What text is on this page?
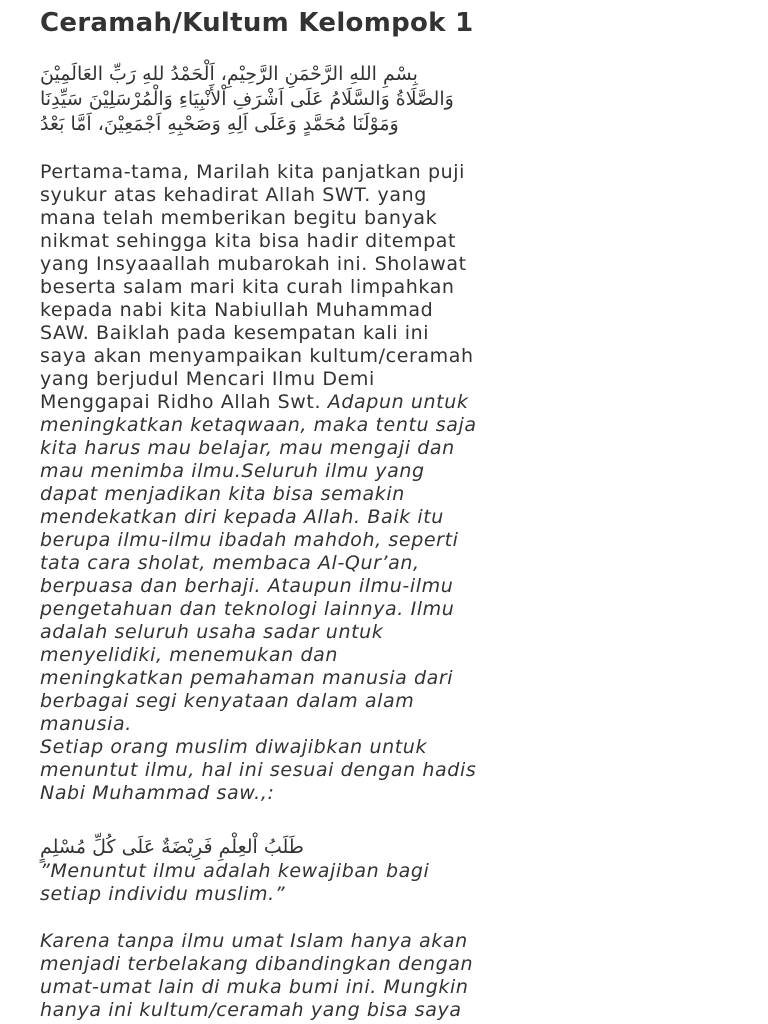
Ceramah/Kultum Kelompok 1
بِسْمِ اللهِ الرَّحْمَنِ الرَّحِيْمِ، اَلْحَمْدُ للهِ رَبِّ العَالَمِيْنَ
وَالصَّلَاةُ وَالسَّلَامُ عَلَى اَشْرَفِ اْلأَنْبِيَاءِ وَالْمُرْسَلِيْنَ سَيِّدِنَا
وَمَوْلَنَا مُحَمَّدٍ وَعَلَى اَلِهِ وَصَحْبِهِ اَجْمَعِيْنَ، اَمَّا بَعْدُ
Pertama-tama, Marilah kita panjatkan puji
syukur atas kehadirat Allah SWT. yang
mana telah memberikan begitu banyak
nikmat sehingga kita bisa hadir ditempat
yang Insyaaallah mubarokah ini. Sholawat
beserta salam mari kita curah limpahkan
kepada nabi kita Nabiullah Muhammad
SAW. Baiklah pada kesempatan kali ini
saya akan menyampaikan kultum/ceramah
yang berjudul Mencari Ilmu Demi
Menggapai Ridho Allah Swt. Adapun untuk
meningkatkan ketaqwaan, maka tentu saja
kita harus mau belajar, mau mengaji dan
mau menimba ilmu.Seluruh ilmu yang
dapat menjadikan kita bisa semakin
mendekatkan diri kepada Allah. Baik itu
berupa ilmu-ilmu ibadah mahdoh, seperti
tata cara sholat, membaca Al-Qur’an,
berpuasa dan berhaji. Ataupun ilmu-ilmu
pengetahuan dan teknologi lainnya. Ilmu
adalah seluruh usaha sadar untuk
menyelidiki, menemukan dan
meningkatkan pemahaman manusia dari
berbagai segi kenyataan dalam alam
manusia.
Setiap orang muslim diwajibkan untuk
menuntut ilmu, hal ini sesuai dengan hadis
Nabi Muhammad saw.,:
طَلَبُ اْلعِلْمِ فَرِيْضَةٌ عَلَى كُلِّ مُسْلِمٍ
”Menuntut ilmu adalah kewajiban bagi
setiap individu muslim.”
Karena tanpa ilmu umat Islam hanya akan
menjadi terbelakang dibandingkan dengan
umat-umat lain di muka bumi ini. Mungkin
hanya ini kultum/ceramah yang bisa saya
